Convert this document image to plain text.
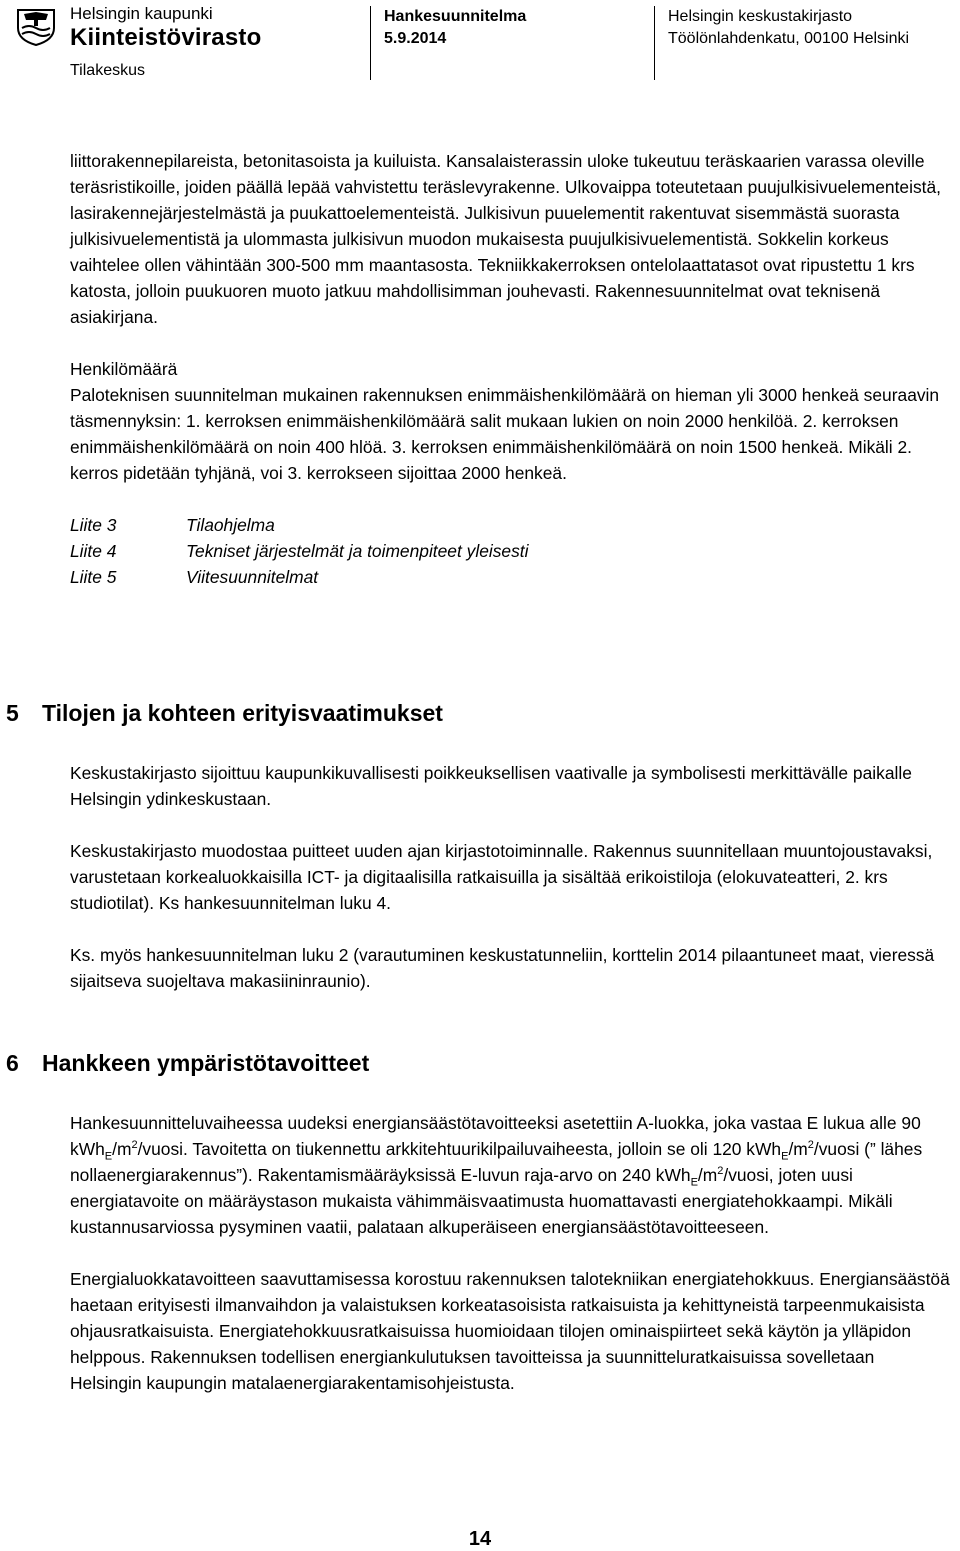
Helsingin kaupunki
Kiinteistövirasto
Tilakeskus
Hankesuunnitelma
5.9.2014
Helsingin keskustakirjasto
Töölönlahdenkatu, 00100 Helsinki

liittorakennepilareista, betonitasoista ja kuiluista. Kansalaisterassin uloke tukeutuu teräskaarien varassa oleville teräsristikoille, joiden päällä lepää vahvistettu teräslevyrakenne. Ulkovaippa toteutetaan puujulkisivuelementeistä, lasirakennejärjestelmästä ja puukattoelementeistä. Julkisivun puuelementit rakentuvat sisemmästä suorasta julkisivuelementistä ja ulommasta julkisivun muodon mukaisesta puujulkisivuelementistä. Sokkelin korkeus vaihtelee ollen vähintään 300-500 mm maantasosta. Tekniikkakerroksen ontelolaattatasot ovat ripustettu 1 krs katosta, jolloin puukuoren muoto jatkuu mahdollisimman jouhevasti. Rakennesuunnitelmat ovat teknisenä asiakirjana.

Henkilömäärä

Paloteknisen suunnitelman mukainen rakennuksen enimmäishenkilömäärä on hieman yli 3000 henkeä seuraavin täsmennyksin: 1. kerroksen enimmäishenkilömäärä salit mukaan lukien on noin 2000 henkilöä. 2. kerroksen enimmäishenkilömäärä on noin 400 hlöä. 3. kerroksen enimmäishenkilömäärä on noin 1500 henkeä. Mikäli 2. kerros pidetään tyhjänä, voi 3. kerrokseen sijoittaa 2000 henkeä.

Liite 3	Tilaohjelma
Liite 4	Tekniset järjestelmät ja toimenpiteet yleisesti
Liite 5	Viitesuunnitelmat
5 Tilojen ja kohteen erityisvaatimukset

Keskustakirjasto sijoittuu kaupunkikuvallisesti poikkeuksellisen vaativalle ja symbolisesti merkittävälle paikalle Helsingin ydinkeskustaan.

Keskustakirjasto muodostaa puitteet uuden ajan kirjastotoiminnalle. Rakennus suunnitellaan muuntojoustavaksi, varustetaan korkealuokkaisilla ICT- ja digitaalisilla ratkaisuilla ja sisältää erikoistiloja (elokuvateatteri, 2. krs studiotilat). Ks hankesuunnitelman luku 4.

Ks. myös hankesuunnitelman luku 2 (varautuminen keskustatunneliin, korttelin 2014 pilaantuneet maat, vieressä sijaitseva suojeltava makasiininraunio).

6 Hankkeen ympäristötavoitteet

Hankesuunnitteluvaiheessa uudeksi energiansäästötavoitteeksi asetettiin A-luokka, joka vastaa E lukua alle 90 $kWh_E/m^2$/vuosi. Tavoitetta on tiukennettu arkkitehtuurikilpailuvaiheesta, jolloin se oli 120 $kWh_E/m^2$/vuosi (” lähes nollaenergiarakennus”). Rakentamismääräyksissä E-luvun raja-arvo on 240 $kWh_E/m^2$/vuosi, joten uusi energiatavoite on määräystason mukaista vähimmäisvaatimusta huomattavasti energiatehokkaampi. Mikäli kustannusarviossa pysyminen vaatii, palataan alkuperäiseen energiansäästötavoitteeseen.

Energialuokkatavoitteen saavuttamisessa korostuu rakennuksen talotekniikan energiatehokkuus. Energiansäästöä haetaan erityisesti ilmanvaihdon ja valaistuksen korkeatasoisista ratkaisuista ja kehittyneistä tarpeenmukaisista ohjausratkaisuista. Energiatehokkuusratkaisuissa huomioidaan tilojen ominaispiirteet sekä käytön ja ylläpidon helppous. Rakennuksen todellisen energiankulutuksen tavoitteissa ja suunnitteluratkaisuissa sovelletaan Helsingin kaupungin matalaenergiarakentamisohjeistusta.

14
